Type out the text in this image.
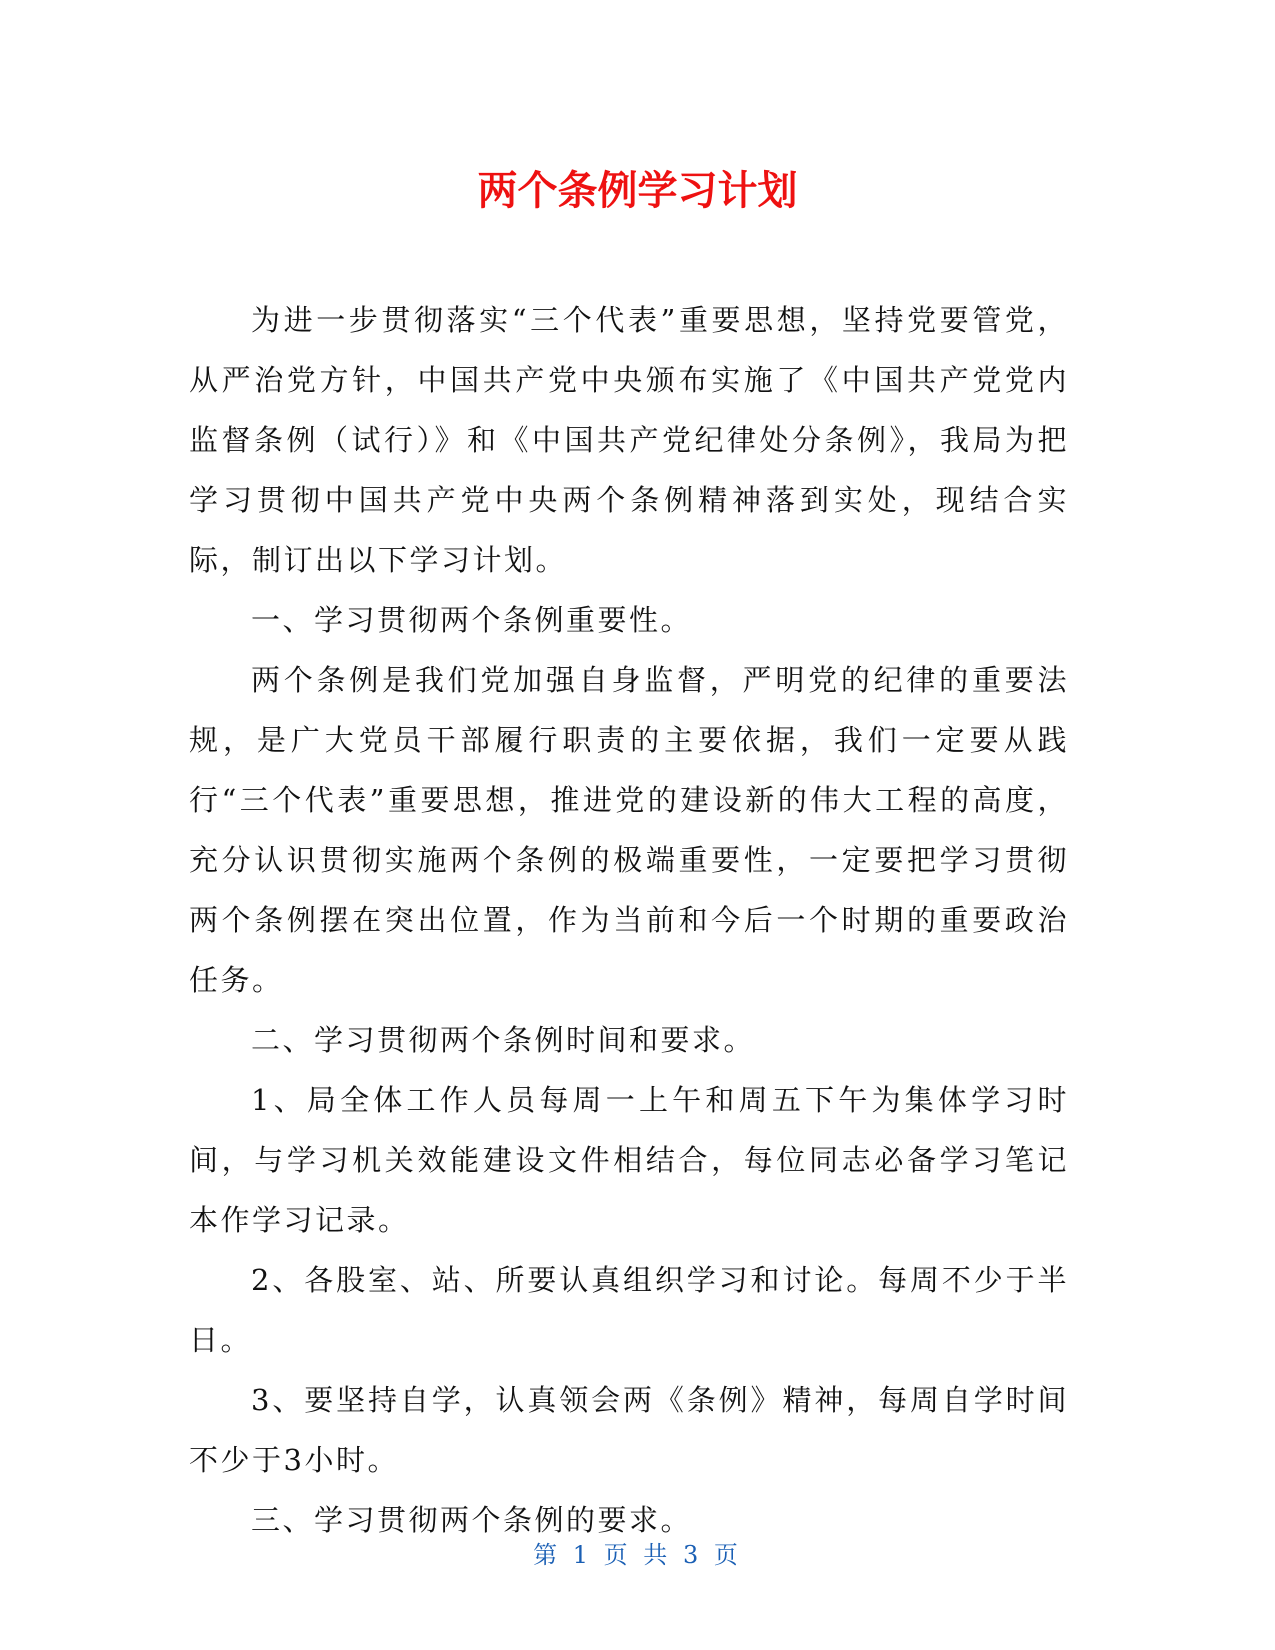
两个条例学习计划

为进一步贯彻落实“三个代表”重要思想，坚持党要管党，从严治党方针，中国共产党中央颁布实施了《中国共产党党内监督条例（试行）》和《中国共产党纪律处分条例》，我局为把学习贯彻中国共产党中央两个条例精神落到实处，现结合实际，制订出以下学习计划。

一、学习贯彻两个条例重要性。

两个条例是我们党加强自身监督，严明党的纪律的重要法规，是广大党员干部履行职责的主要依据，我们一定要从践行“三个代表”重要思想，推进党的建设新的伟大工程的高度，充分认识贯彻实施两个条例的极端重要性，一定要把学习贯彻两个条例摆在突出位置，作为当前和今后一个时期的重要政治任务。

二、学习贯彻两个条例时间和要求。

1、局全体工作人员每周一上午和周五下午为集体学习时间，与学习机关效能建设文件相结合，每位同志必备学习笔记本作学习记录。

2、各股室、站、所要认真组织学习和讨论。每周不少于半日。

3、要坚持自学，认真领会两《条例》精神，每周自学时间不少于3小时。

三、学习贯彻两个条例的要求。

第 1 页 共 3 页
